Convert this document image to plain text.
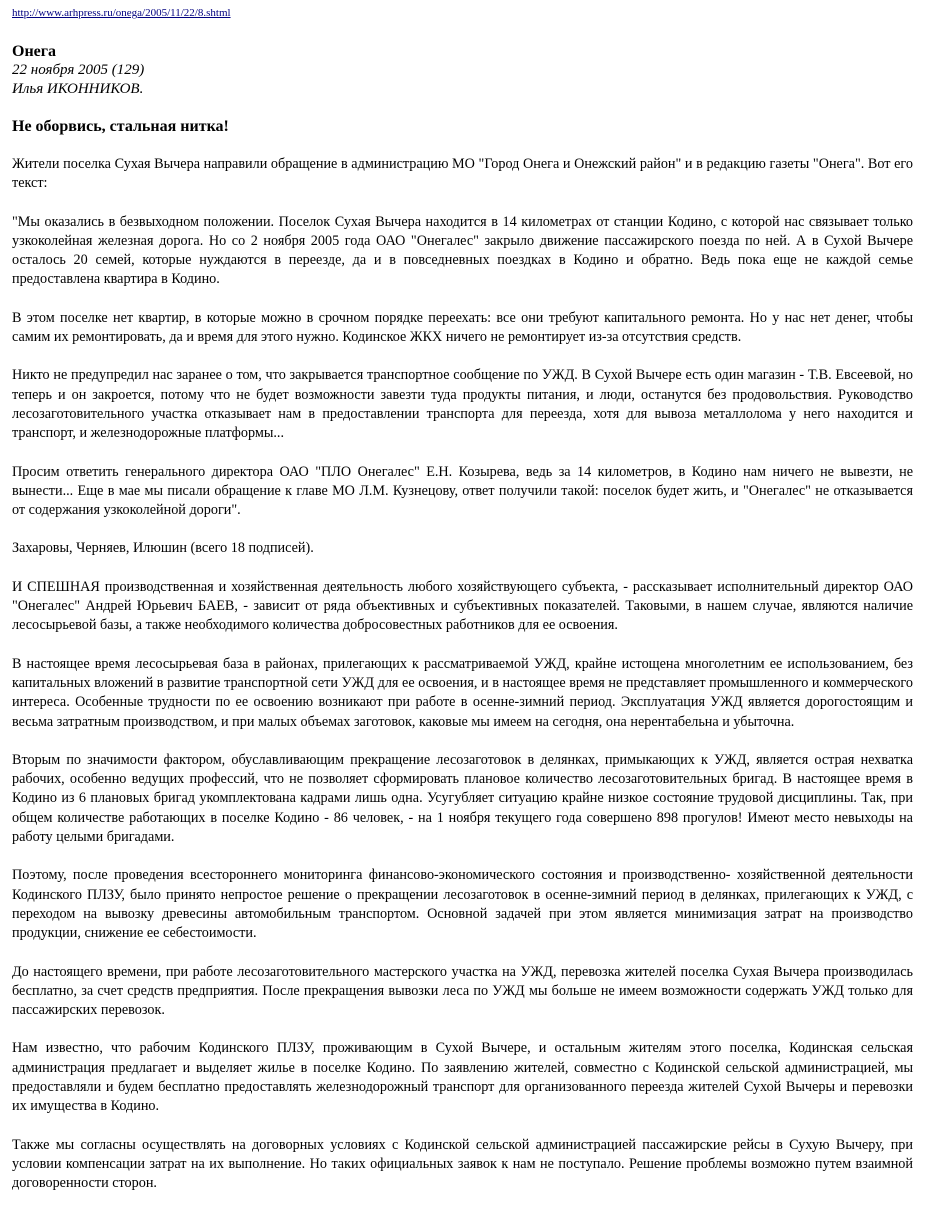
http://www.arhpress.ru/onega/2005/11/22/8.shtml
Онега
22 ноября 2005 (129)
Илья ИКОННИКОВ.
Не оборвись, стальная нитка!

Жители поселка Сухая Вычера направили обращение в администрацию МО "Город Онега и Онежский район" и в редакцию газеты "Онега". Вот его текст:

"Мы оказались в безвыходном положении. Поселок Сухая Вычера находится в 14 километрах от станции Кодино, с которой нас связывает только узкоколейная железная дорога. Но со 2 ноября 2005 года ОАО "Онегалес" закрыло движение пассажирского поезда по ней. А в Сухой Вычере осталось 20 семей, которые нуждаются в переезде, да и в повседневных поездках в Кодино и обратно. Ведь пока еще не каждой семье предоставлена квартира в Кодино.

В этом поселке нет квартир, в которые можно в срочном порядке переехать: все они требуют капитального ремонта. Но у нас нет денег, чтобы самим их ремонтировать, да и время для этого нужно. Кодинское ЖКХ ничего не ремонтирует из-за отсутствия средств.

Никто не предупредил нас заранее о том, что закрывается транспортное сообщение по УЖД. В Сухой Вычере есть один магазин - Т.В. Евсеевой, но теперь и он закроется, потому что не будет возможности завезти туда продукты питания, и люди, останутся без продовольствия. Руководство лесозаготовительного участка отказывает нам в предоставлении транспорта для переезда, хотя для вывоза металлолома у него находится и транспорт, и железнодорожные платформы...

Просим ответить генерального директора ОАО "ПЛО Онегалес" Е.Н. Козырева, ведь за 14 километров, в Кодино нам ничего не вывезти, не вынести... Еще в мае мы писали обращение к главе МО Л.М. Кузнецову, ответ получили такой: поселок будет жить, и "Онегалес" не отказывается от содержания узкоколейной дороги".

Захаровы, Черняев, Илюшин (всего 18 подписей).

И СПЕШНАЯ производственная и хозяйственная деятельность любого хозяйствующего субъекта, - рассказывает исполнительный директор ОАО "Онегалес" Андрей Юрьевич БАЕВ, - зависит от ряда объективных и субъективных показателей. Таковыми, в нашем случае, являются наличие лесосырьевой базы, а также необходимого количества добросовестных работников для ее освоения.

В настоящее время лесосырьевая база в районах, прилегающих к рассматриваемой УЖД, крайне истощена многолетним ее использованием, без капитальных вложений в развитие транспортной сети УЖД для ее освоения, и в настоящее время не представляет промышленного и коммерческого интереса. Особенные трудности по ее освоению возникают при работе в осенне-зимний период. Эксплуатация УЖД является дорогостоящим и весьма затратным производством, и при малых объемах заготовок, каковые мы имеем на сегодня, она нерентабельна и убыточна.

Вторым по значимости фактором, обуславливающим прекращение лесозаготовок в делянках, примыкающих к УЖД, является острая нехватка рабочих, особенно ведущих профессий, что не позволяет сформировать плановое количество лесозаготовительных бригад. В настоящее время в Кодино из 6 плановых бригад укомплектована кадрами лишь одна. Усугубляет ситуацию крайне низкое состояние трудовой дисциплины. Так, при общем количестве работающих в поселке Кодино - 86 человек, - на 1 ноября текущего года совершено 898 прогулов! Имеют место невыходы на работу целыми бригадами.

Поэтому, после проведения всестороннего мониторинга финансово-экономического состояния и производственно- хозяйственной деятельности Кодинского ПЛЗУ, было принято непростое решение о прекращении лесозаготовок в осенне-зимний период в делянках, прилегающих к УЖД, с переходом на вывозку древесины автомобильным транспортом. Основной задачей при этом является минимизация затрат на производство продукции, снижение ее себестоимости.

До настоящего времени, при работе лесозаготовительного мастерского участка на УЖД, перевозка жителей поселка Сухая Вычера производилась бесплатно, за счет средств предприятия. После прекращения вывозки леса по УЖД мы больше не имеем возможности содержать УЖД только для пассажирских перевозок.

Нам известно, что рабочим Кодинского ПЛЗУ, проживающим в Сухой Вычере, и остальным жителям этого поселка, Кодинская сельская администрация предлагает и выделяет жилье в поселке Кодино. По заявлению жителей, совместно с Кодинской сельской администрацией, мы предоставляли и будем бесплатно предоставлять железнодорожный транспорт для организованного переезда жителей Сухой Вычеры и перевозки их имущества в Кодино.

Также мы согласны осуществлять на договорных условиях с Кодинской сельской администрацией пассажирские рейсы в Сухую Вычеру, при условии компенсации затрат на их выполнение. Но таких официальных заявок к нам не поступало. Решение проблемы возможно путем взаимной договоренности сторон.
